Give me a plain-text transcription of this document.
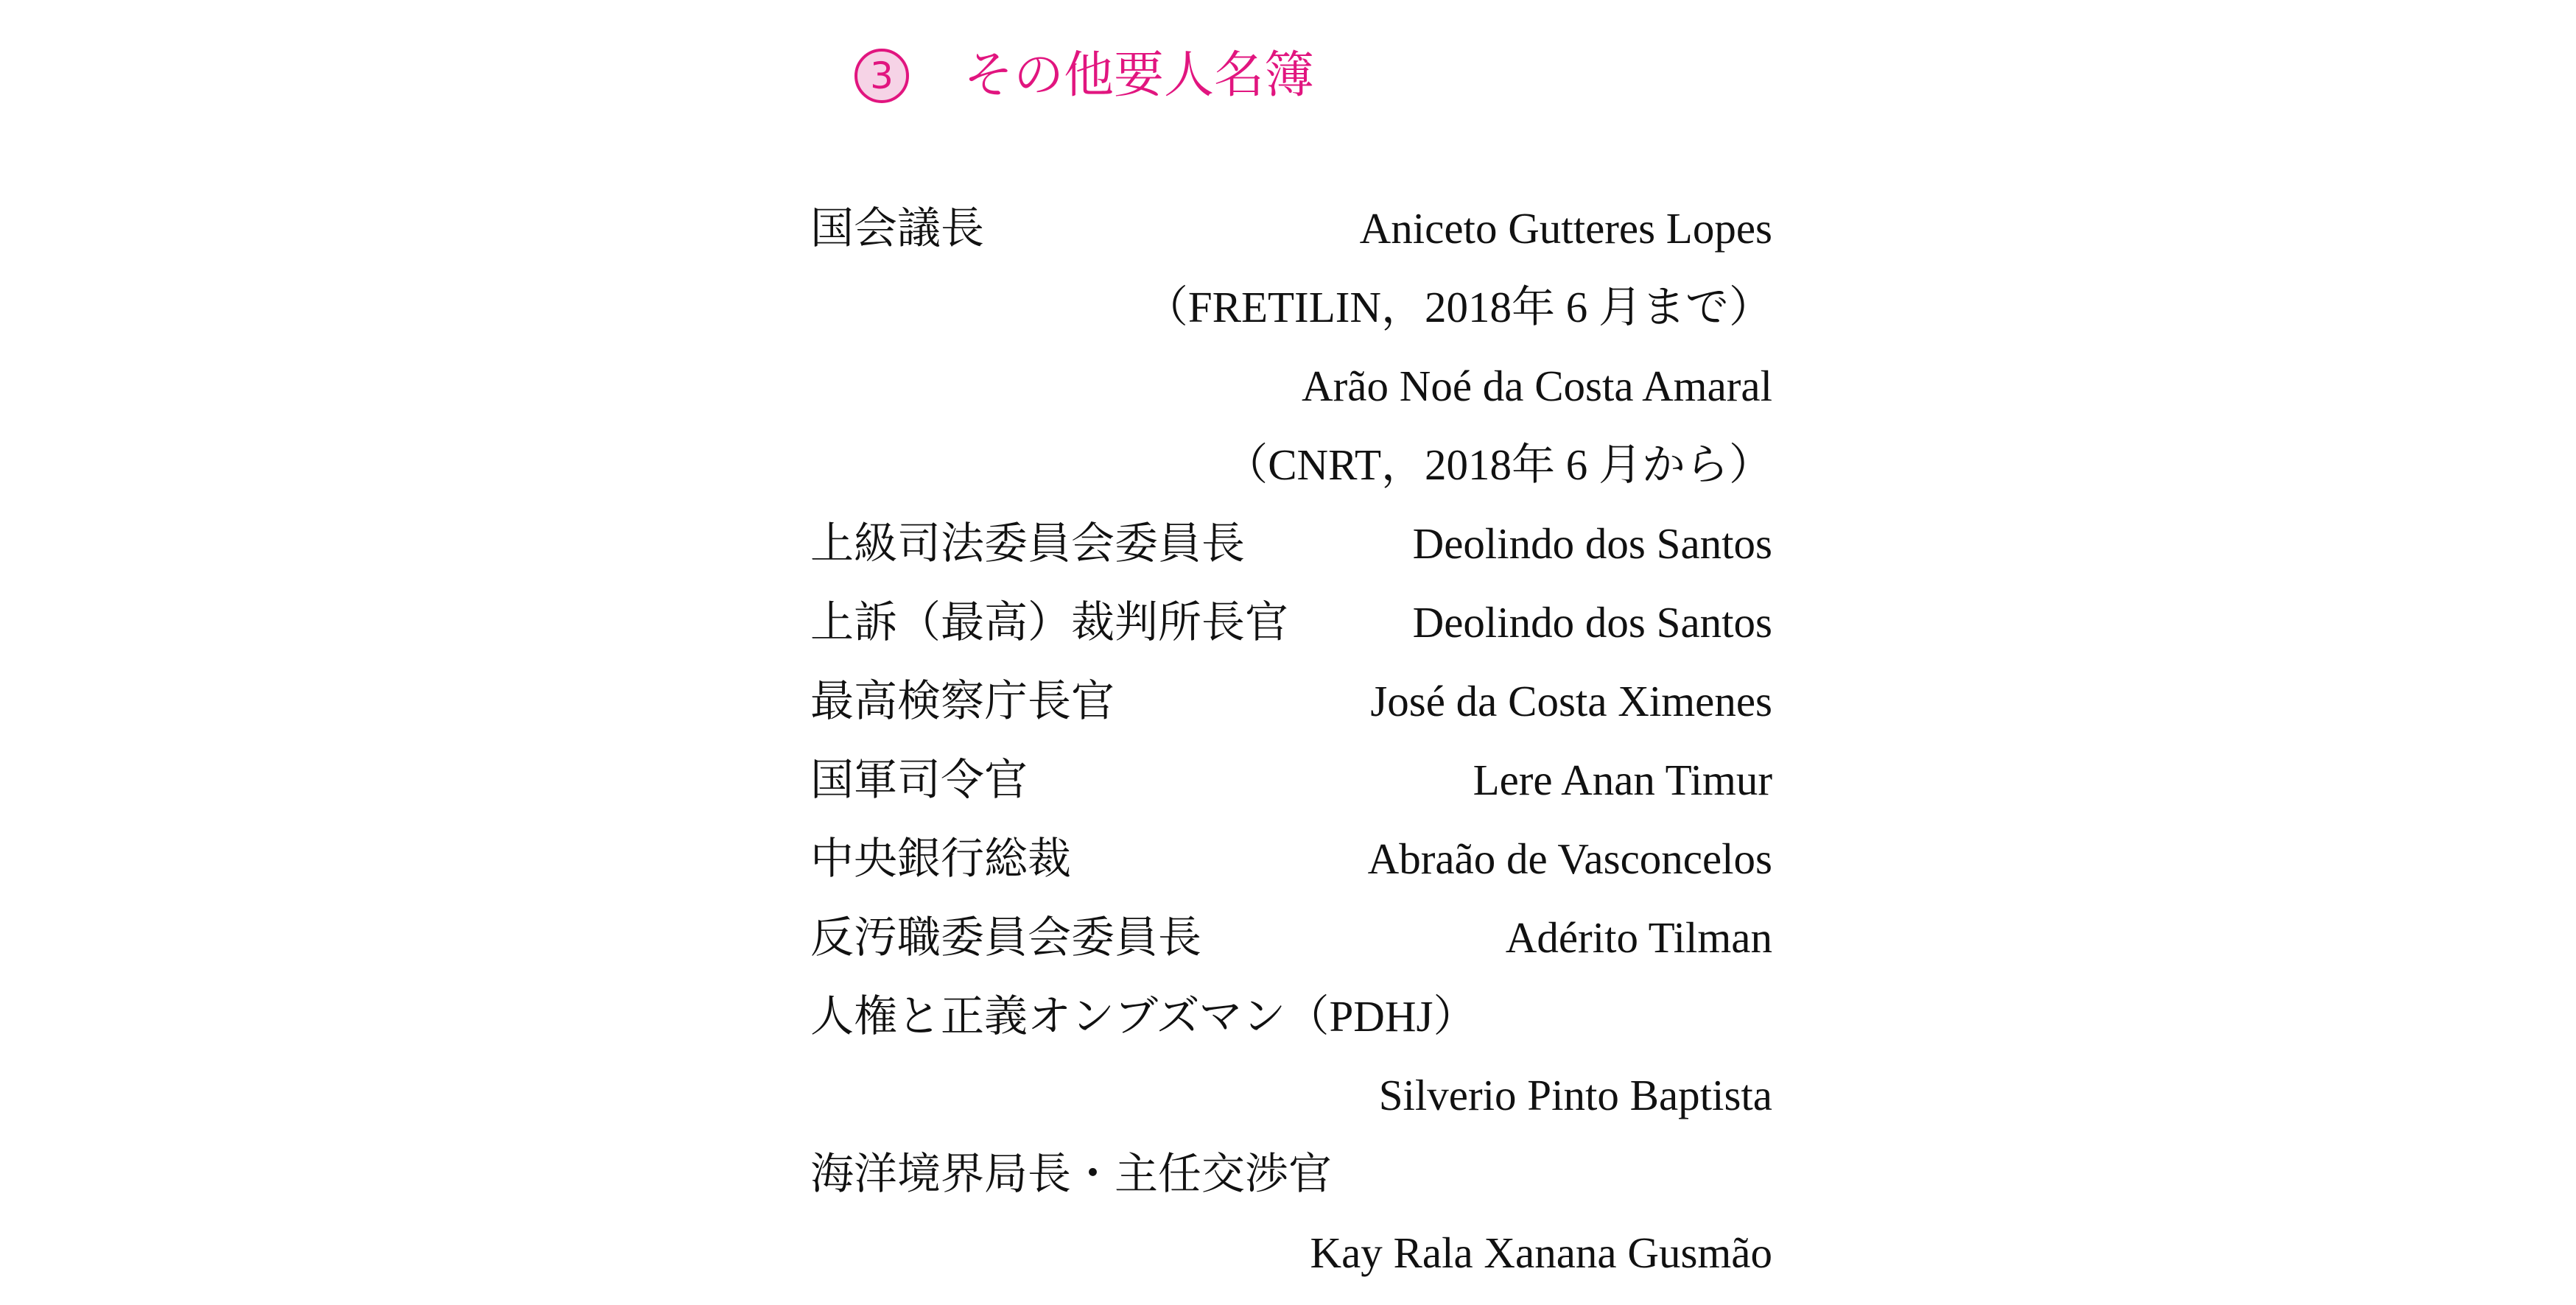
3	その他要人名簿
国会議長	Aniceto Gutteres Lopes
（FRETILIN，2018年 6 月まで）
Arão Noé da Costa Amaral
（CNRT，2018年 6 月から）
上級司法委員会委員長	Deolindo dos Santos
上訴（最高）裁判所長官	Deolindo dos Santos
最高検察庁長官	José da Costa Ximenes
国軍司令官	Lere Anan Timur
中央銀行総裁	Abraão de Vasconcelos
反汚職委員会委員長	Adérito Tilman
人権と正義オンブズマン（PDHJ）
Silverio Pinto Baptista
海洋境界局長・主任交渉官
Kay Rala Xanana Gusmão
